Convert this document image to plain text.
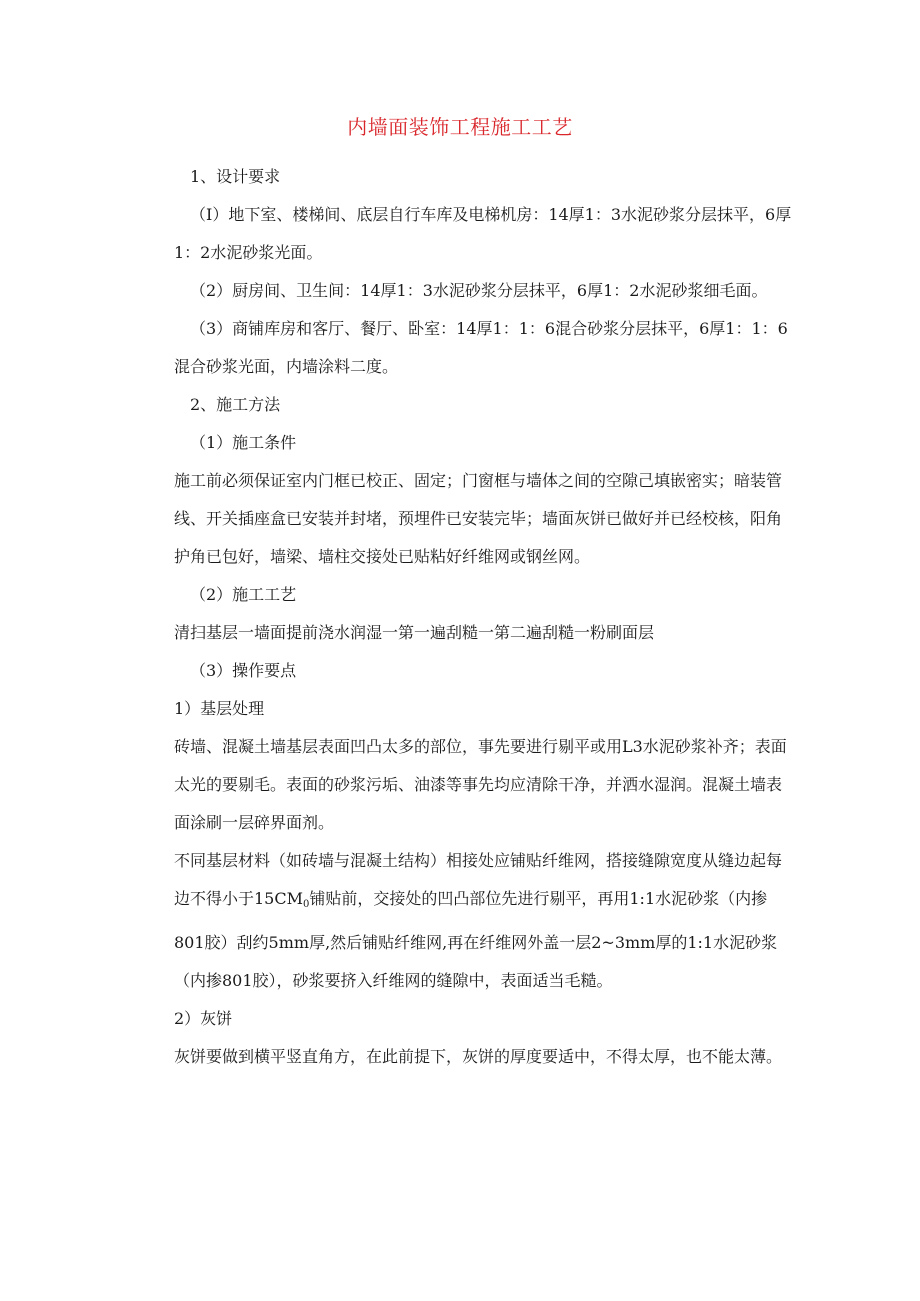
内墙面装饰工程施工工艺

1、设计要求

（I）地下室、楼梯间、底层自行车库及电梯机房：14厚1：3水泥砂浆分层抹平，6厚1：2水泥砂浆光面。

（2）厨房间、卫生间：14厚1：3水泥砂浆分层抹平，6厚1：2水泥砂浆细毛面。

（3）商铺库房和客厅、餐厅、卧室：14厚1：1：6混合砂浆分层抹平，6厚1：1：6混合砂浆光面，内墙涂料二度。

2、施工方法

（1）施工条件

施工前必须保证室内门框已校正、固定；门窗框与墙体之间的空隙己填嵌密实；暗装管线、开关插座盒已安装并封堵，预埋件已安装完毕；墙面灰饼已做好并已经校核，阳角护角已包好，墙梁、墙柱交接处已贴粘好纤维网或钢丝网。

（2）施工工艺

清扫基层一墙面提前浇水润湿一第一遍刮糙一第二遍刮糙一粉刷面层

（3）操作要点

1）基层处理

砖墙、混凝土墙基层表面凹凸太多的部位，事先要进行剔平或用L3水泥砂浆补齐；表面太光的要剔毛。表面的砂浆污垢、油漆等事先均应清除干净，并洒水湿润。混凝土墙表面涂刷一层碎界面剂。

不同基层材料（如砖墙与混凝土结构）相接处应铺贴纤维网，搭接缝隙宽度从缝边起每边不得小于15CM0铺贴前，交接处的凹凸部位先进行剔平，再用1:1水泥砂浆（内掺801胶）刮约5mm厚,然后铺贴纤维网,再在纤维网外盖一层2~3mm厚的1:1水泥砂浆（内掺801胶），砂浆要挤入纤维网的缝隙中，表面适当毛糙。

2）灰饼

灰饼要做到横平竖直角方，在此前提下，灰饼的厚度要适中，不得太厚，也不能太薄。
